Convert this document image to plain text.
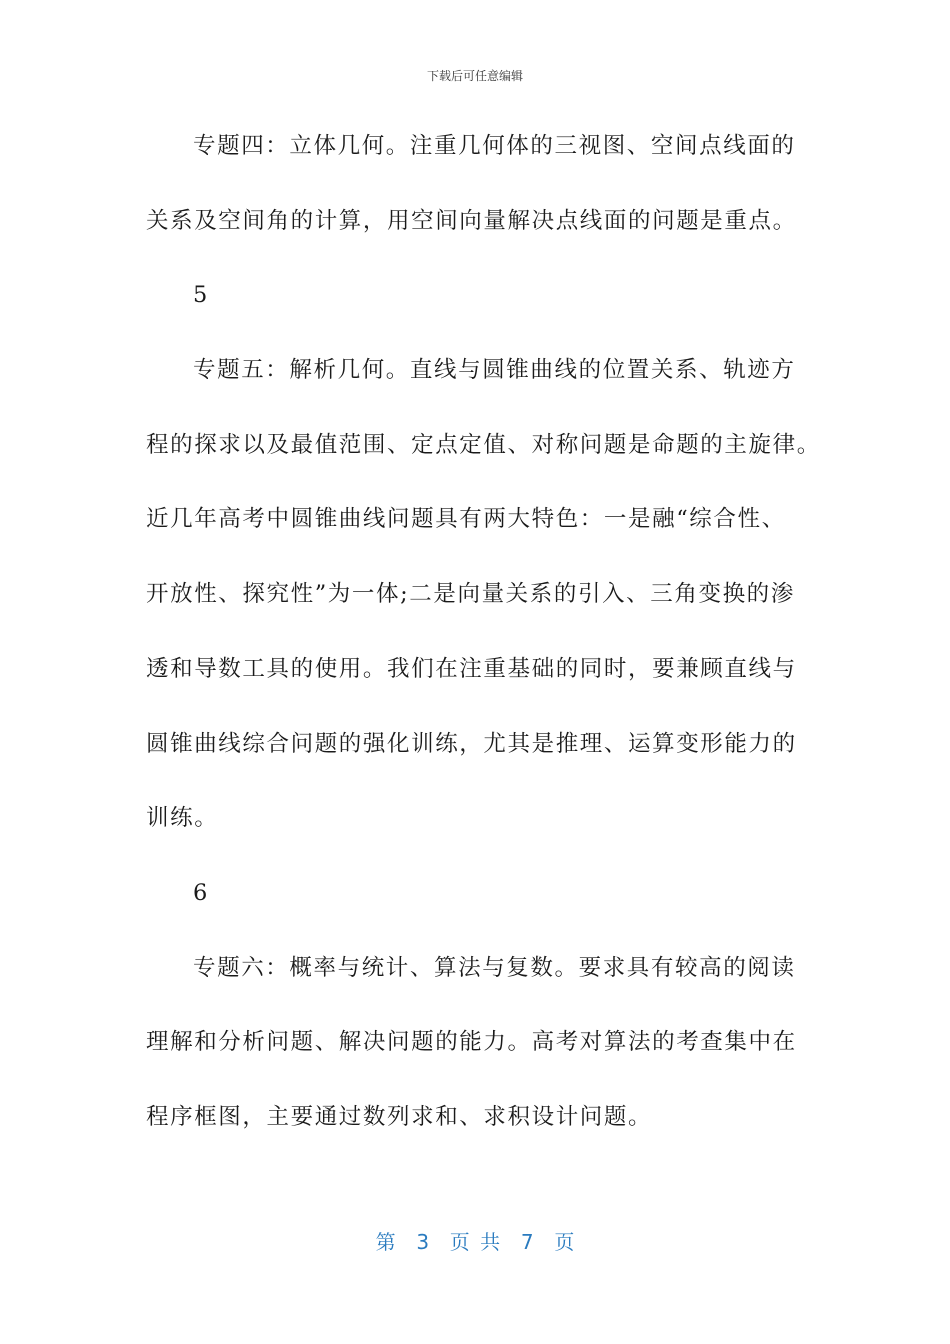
下载后可任意编辑
专题四：立体几何。注重几何体的三视图、空间点线面的
关系及空间角的计算，用空间向量解决点线面的问题是重点。
5
专题五：解析几何。直线与圆锥曲线的位置关系、轨迹方
程的探求以及最值范围、定点定值、对称问题是命题的主旋律。
近几年高考中圆锥曲线问题具有两大特色：一是融“综合性、
开放性、探究性”为一体;二是向量关系的引入、三角变换的渗
透和导数工具的使用。我们在注重基础的同时，要兼顾直线与
圆锥曲线综合问题的强化训练，尤其是推理、运算变形能力的
训练。
6
专题六：概率与统计、算法与复数。要求具有较高的阅读
理解和分析问题、解决问题的能力。高考对算法的考查集中在
程序框图，主要通过数列求和、求积设计问题。
第  3  页 共  7  页
